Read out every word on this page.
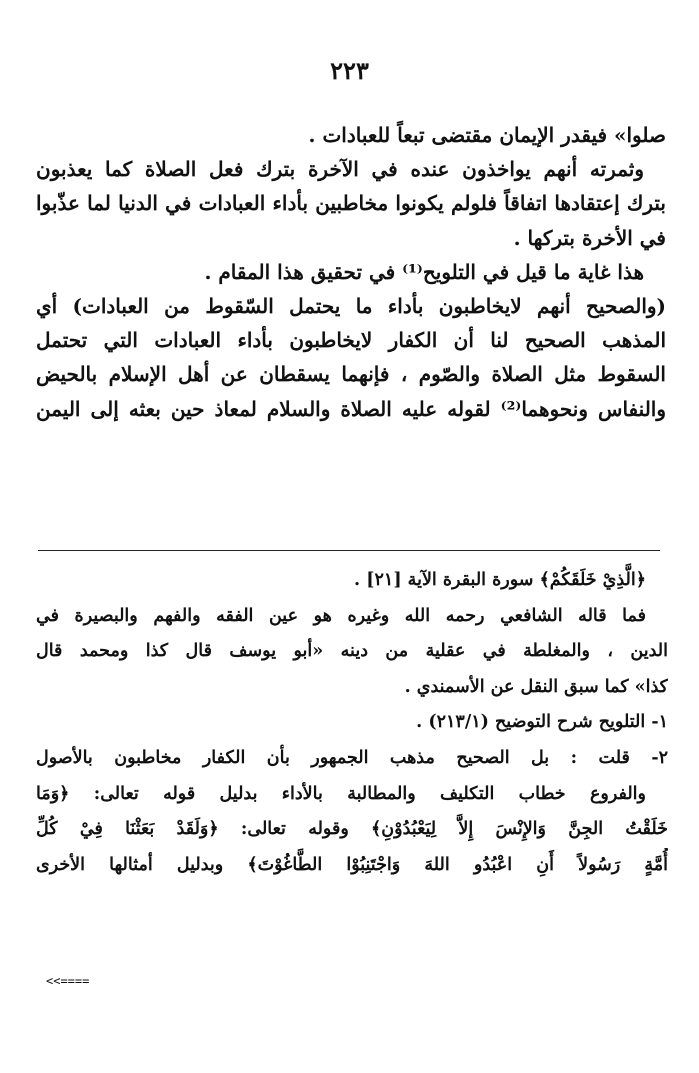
٢٢٣
صلوا» فيقدر الإيمان مقتضى تبعاً للعبادات .
وثمرته أنهم يواخذون عنده في الآخرة بترك فعل الصلاة كما يعذبون
بترك إعتقادها اتفاقاً فلولم يكونوا مخاطبين بأداء العبادات في الدنيا لما عذّبوا
في الأخرة بتركها .
هذا غاية ما قيل في التلويح⁽¹⁾ في تحقيق هذا المقام .
(والصحيح أنهم لايخاطبون بأداء ما يحتمل السّقوط من العبادات) أي
المذهب الصحيح لنا أن الكفار لايخاطبون بأداء العبادات التي تحتمل
السقوط مثل الصلاة والصّوم ، فإنهما يسقطان عن أهل الإسلام بالحيض
والنفاس ونحوهما⁽²⁾ لقوله عليه الصلاة والسلام لمعاذ حين بعثه إلى اليمن
﴿الَّذِيْ خَلَقَكُمْ﴾ سورة البقرة الآية [٢١] .
فما قاله الشافعي رحمه الله وغيره هو عين الفقه والفهم والبصيرة في
الدين ، والمغلطة في عقلية من دينه «أبو يوسف قال كذا ومحمد قال
كذا» كما سبق النقل عن الأسمندي .
١- التلويح شرح التوضيح (٢١٣/١) .
٢- قلت : بل الصحيح مذهب الجمهور بأن الكفار مخاطبون بالأصول
والفروع خطاب التكليف والمطالبة بالأداء بدليل قوله تعالى: ﴿وَمَا
خَلَقْتُ الجِنَّ وَالإِنْسَ إِلاَّ لِيَعْبُدُوْنِ﴾ وقوله تعالى: ﴿وَلَقَدْ بَعَثْنَا فِيْ كُلِّ
أُمَّةٍ رَسُولاً أَنِ اعْبُدُو اللهَ وَاجْتَنِبُوْا الطَّاغُوْتَ﴾ وبدليل أمثالها الأخرى
<<====
